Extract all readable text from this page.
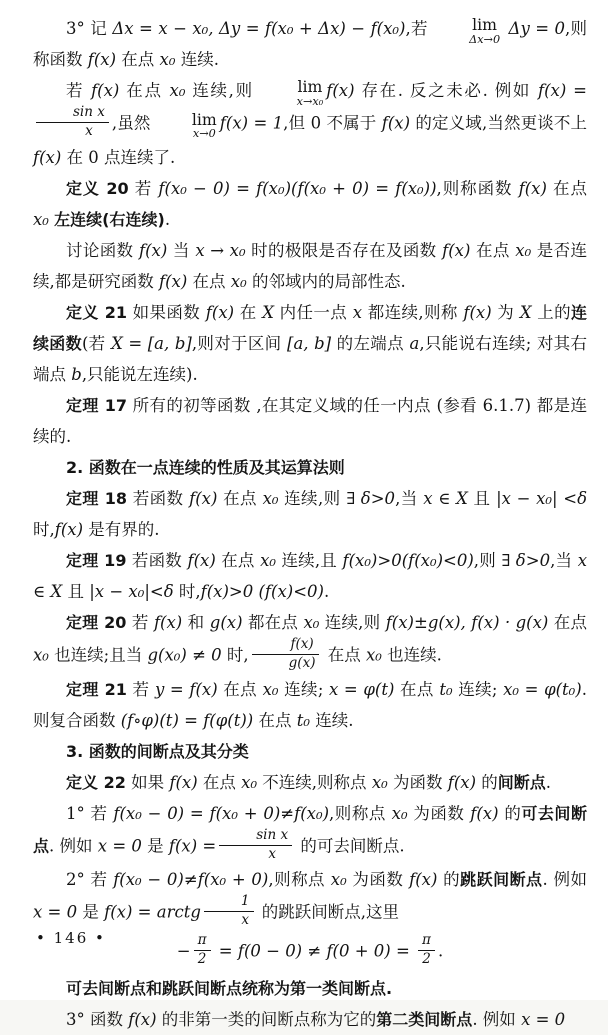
3° 记 Δx = x − x₀, Δy = f(x₀ + Δx) − f(x₀),若	lim
Δx→0
Δy = 0,则称函数 f(x) 在点 x₀ 连续.
若 f(x) 在点 x₀ 连续,则	lim
x→x₀
f(x) 存在. 反之未必. 例如 f(x) =
$\frac{\text{sin x}}{x}$ ,虽然	lim
x→0
f(x) = 1,但 0 不属于 f(x) 的定义域,当然更谈不上 f(x) 在 0 点连续了.
定义 20 若 f(x₀ − 0) = f(x₀)(f(x₀ + 0) = f(x₀)),则称函数 f(x) 在点 x₀ 左连续(右连续).
讨论函数 f(x) 当 x → x₀ 时的极限是否存在及函数 f(x) 在点 x₀ 是否连续,都是研究函数 f(x) 在点 x₀ 的邻域内的局部性态.
定义 21 如果函数 f(x) 在 X 内任一点 x 都连续,则称 f(x) 为 X 上的连续函数(若 X = [a, b],则对于区间 [a, b] 的左端点 a,只能说右连续; 对其右端点 b,只能说左连续).
定理 17 所有的初等函数 ,在其定义域的任一内点 (参看 6.1.7) 都是连续的.
2. 函数在一点连续的性质及其运算法则
定理 18 若函数 f(x) 在点 x₀ 连续,则 ∃ δ>0,当 x ∈ X 且 |x − x₀| <δ 时,f(x) 是有界的.
定理 19 若函数 f(x) 在点 x₀ 连续,且 f(x₀)>0(f(x₀)<0),则 ∃ δ>0,当 x ∈ X 且 |x − x₀|<δ 时,f(x)>0 (f(x)<0).
定理 20 若 f(x) 和 g(x) 都在点 x₀ 连续,则 f(x)±g(x), f(x) · g(x) 在点 x₀ 也连续;且当 g(x₀) ≠ 0 时, $\frac{f(x)}{g(x)}$ 在点 x₀ 也连续.
定理 21 若 y = f(x) 在点 x₀ 连续; x = φ(t) 在点 t₀ 连续; x₀ = φ(t₀).则复合函数 (f∘φ)(t) = f(φ(t)) 在点 t₀ 连续.
3. 函数的间断点及其分类
定义 22 如果 f(x) 在点 x₀ 不连续,则称点 x₀ 为函数 f(x) 的间断点.
1° 若 f(x₀ − 0) = f(x₀ + 0)≠f(x₀),则称点 x₀ 为函数 f(x) 的可去间断点. 例如 x = 0 是 $f(x) = \frac{\text{sin x}}{x}$ 的可去间断点.
2° 若 f(x₀ − 0)≠f(x₀ + 0),则称点 x₀ 为函数 f(x) 的跳跃间断点. 例如 x = 0 是 f(x) = arctg $\frac{1}{x}$ 的跳跃间断点,这里
− $\frac{\pi}{2} = f(0 - 0) \ne f(0 + 0) = \frac{\pi}{2}$ .
可去间断点和跳跃间断点统称为第一类间断点.
3° 函数 f(x) 的非第一类的间断点称为它的第二类间断点. 例如 x = 0
• 146 •
